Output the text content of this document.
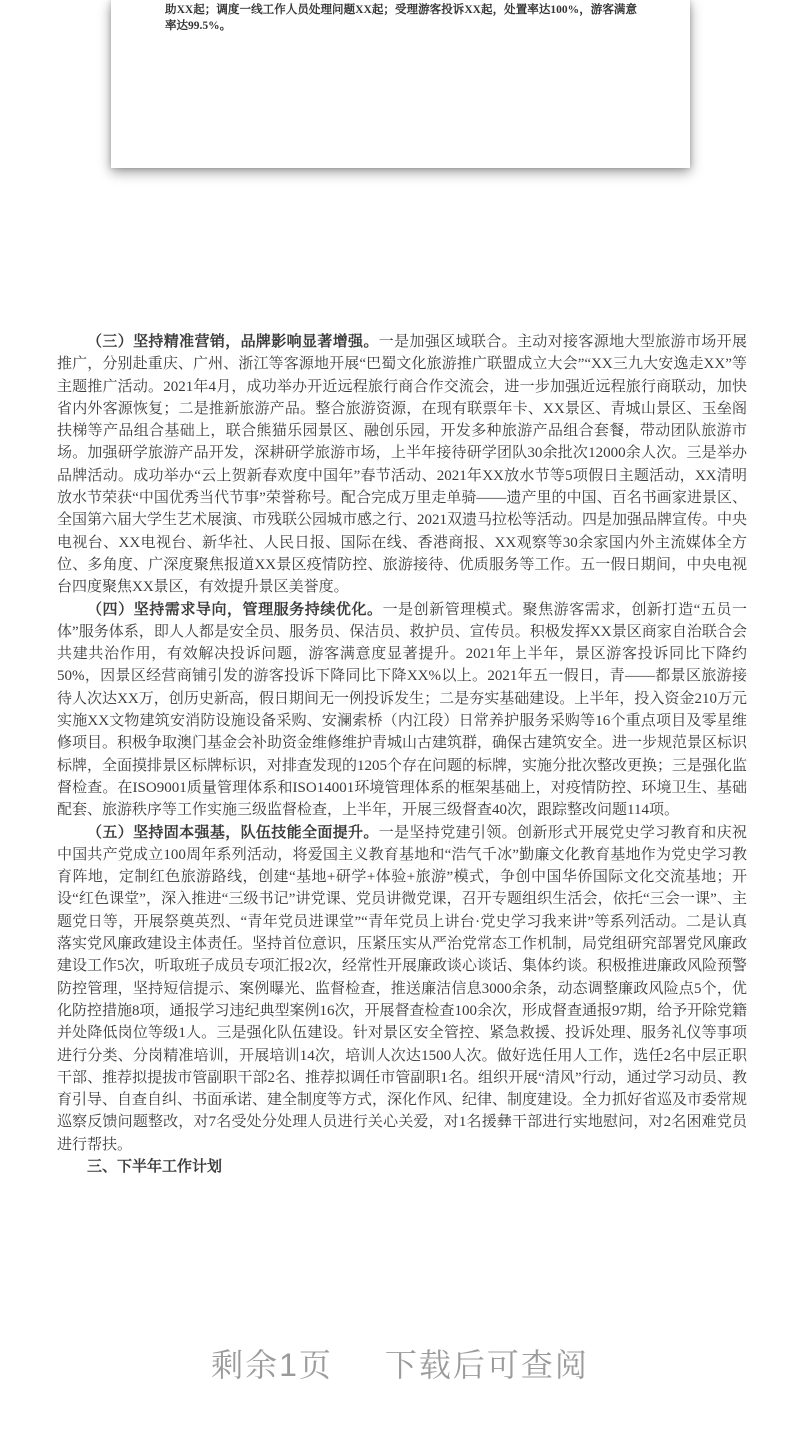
助XX起；调度一线工作人员处理问题XX起；受理游客投诉XX起，处置率达100%，游客满意率达99.5%。

（三）坚持精准营销，品牌影响显著增强。一是加强区域联合。主动对接客源地大型旅游市场开展推广，分别赴重庆、广州、浙江等客源地开展“巴蜀文化旅游推广联盟成立大会”“XX三九大安逸走XX”等主题推广活动。2021年4月，成功举办开近远程旅行商合作交流会，进一步加强近远程旅行商联动，加快省内外客源恢复；二是推新旅游产品。整合旅游资源，在现有联票年卡、XX景区、青城山景区、玉垒阁扶梯等产品组合基础上，联合熊猫乐园景区、融创乐园，开发多种旅游产品组合套餐，带动团队旅游市场。加强研学旅游产品开发，深耕研学旅游市场，上半年接待研学团队30余批次12000余人次。三是举办品牌活动。成功举办“云上贺新春欢度中国年”春节活动、2021年XX放水节等5项假日主题活动，XX清明放水节荣获“中国优秀当代节事”荣誉称号。配合完成万里走单骑——遗产里的中国、百名书画家进景区、全国第六届大学生艺术展演、市残联公园城市感之行、2021双遗马拉松等活动。四是加强品牌宣传。中央电视台、XX电视台、新华社、人民日报、国际在线、香港商报、XX观察等30余家国内外主流媒体全方位、多角度、广深度聚焦报道XX景区疫情防控、旅游接待、优质服务等工作。五一假日期间，中央电视台四度聚焦XX景区，有效提升景区美誉度。

（四）坚持需求导向，管理服务持续优化。一是创新管理模式。聚焦游客需求，创新打造“五员一体”服务体系，即人人都是安全员、服务员、保洁员、救护员、宣传员。积极发挥XX景区商家自治联合会共建共治作用，有效解决投诉问题，游客满意度显著提升。2021年上半年，景区游客投诉同比下降约50%，因景区经营商铺引发的游客投诉下降同比下降XX%以上。2021年五一假日，青——都景区旅游接待人次达XX万，创历史新高，假日期间无一例投诉发生；二是夯实基础建设。上半年，投入资金210万元实施XX文物建筑安消防设施设备采购、安澜索桥（内江段）日常养护服务采购等16个重点项目及零星维修项目。积极争取澳门基金会补助资金维修维护青城山古建筑群，确保古建筑安全。进一步规范景区标识标牌，全面摸排景区标牌标识，对排查发现的1205个存在问题的标牌，实施分批次整改更换；三是强化监督检查。在ISO9001质量管理体系和ISO14001环境管理体系的框架基础上，对疫情防控、环境卫生、基础配套、旅游秩序等工作实施三级监督检查，上半年，开展三级督查40次，跟踪整改问题114项。

（五）坚持固本强基，队伍技能全面提升。一是坚持党建引领。创新形式开展党史学习教育和庆祝中国共产党成立100周年系列活动，将爱国主义教育基地和“浩气千冰”勤廉文化教育基地作为党史学习教育阵地，定制红色旅游路线，创建“基地+研学+体验+旅游”模式，争创中国华侨国际文化交流基地；开设“红色课堂”，深入推进“三级书记”讲党课、党员讲微党课，召开专题组织生活会，依托“三会一课”、主题党日等，开展祭奠英烈、“青年党员进课堂”“青年党员上讲台·党史学习我来讲”等系列活动。二是认真落实党风廉政建设主体责任。坚持首位意识，压紧压实从严治党常态工作机制，局党组研究部署党风廉政建设工作5次，听取班子成员专项汇报2次，经常性开展廉政谈心谈话、集体约谈。积极推进廉政风险预警防控管理，坚持短信提示、案例曝光、监督检查，推送廉洁信息3000余条，动态调整廉政风险点5个，优化防控措施8项，通报学习违纪典型案例16次，开展督查检查100余次，形成督查通报97期，给予开除党籍并处降低岗位等级1人。三是强化队伍建设。针对景区安全管控、紧急救援、投诉处理、服务礼仪等事项进行分类、分岗精准培训，开展培训14次，培训人次达1500人次。做好选任用人工作，选任2名中层正职干部、推荐拟提拔市管副职干部2名、推荐拟调任市管副职1名。组织开展“清风”行动，通过学习动员、教育引导、自查自纠、书面承诺、建全制度等方式，深化作风、纪律、制度建设。全力抓好省巡及市委常规巡察反馈问题整改，对7名受处分处理人员进行关心关爱，对1名援彝干部进行实地慰问，对2名困难党员进行帮扶。

三、下半年工作计划

剩余1页 下载后可查阅
